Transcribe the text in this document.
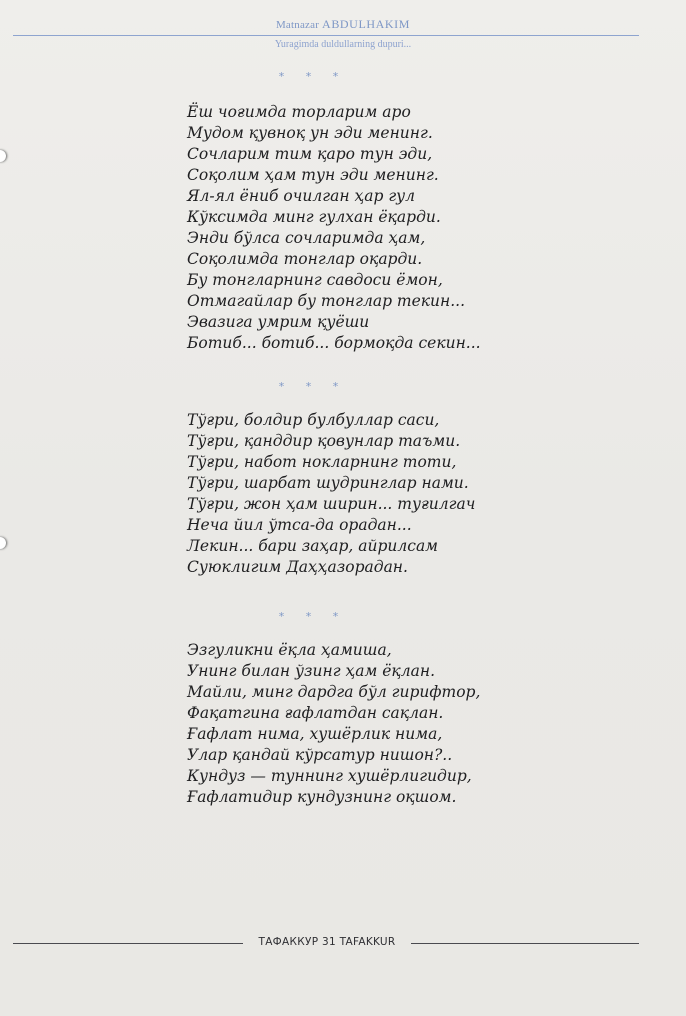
Matnazar ABDULHAKIM
Yuragimda duldullarning dupuri...
* * *
Ёш чоғимда торларим аро
Мудом қувноқ ун эди менинг.
Сочларим тим қаро тун эди,
Соқолим ҳам тун эди менинг.
Ял-ял ёниб очилган ҳар гул
Кўксимда минг гулхан ёқарди.
Энди бўлса сочларимда ҳам,
Соқолимда тонглар оқарди.
Бу тонгларнинг савдоси ёмон,
Отмагайлар бу тонглар текин...
Эвазига умрим қуёши
Ботиб... ботиб... бормоқда секин...
* * *
Тўғри, болдир булбуллар саси,
Тўғри, қанддир қовунлар таъми.
Тўғри, набот нокларнинг тоти,
Тўғри, шарбат шудринглар нами.
Тўғри, жон ҳам ширин... туғилгач
Неча йил ўтса-да орадан...
Лекин... бари заҳар, айрилсам
Суюклигим Даҳҳазорадан.
* * *
Эзгуликни ёқла ҳамиша,
Унинг билан ўзинг ҳам ёқлан.
Майли, минг дардга бўл гирифтор,
Фақатгина ғафлатдан сақлан.
Ғафлат нима, хушёрлик нима,
Улар қандай кўрсатур нишон?..
Кундуз — туннинг хушёрлигидир,
Ғафлатидир кундузнинг оқшом.
ТАФАККУР 31 TAFAKKUR
